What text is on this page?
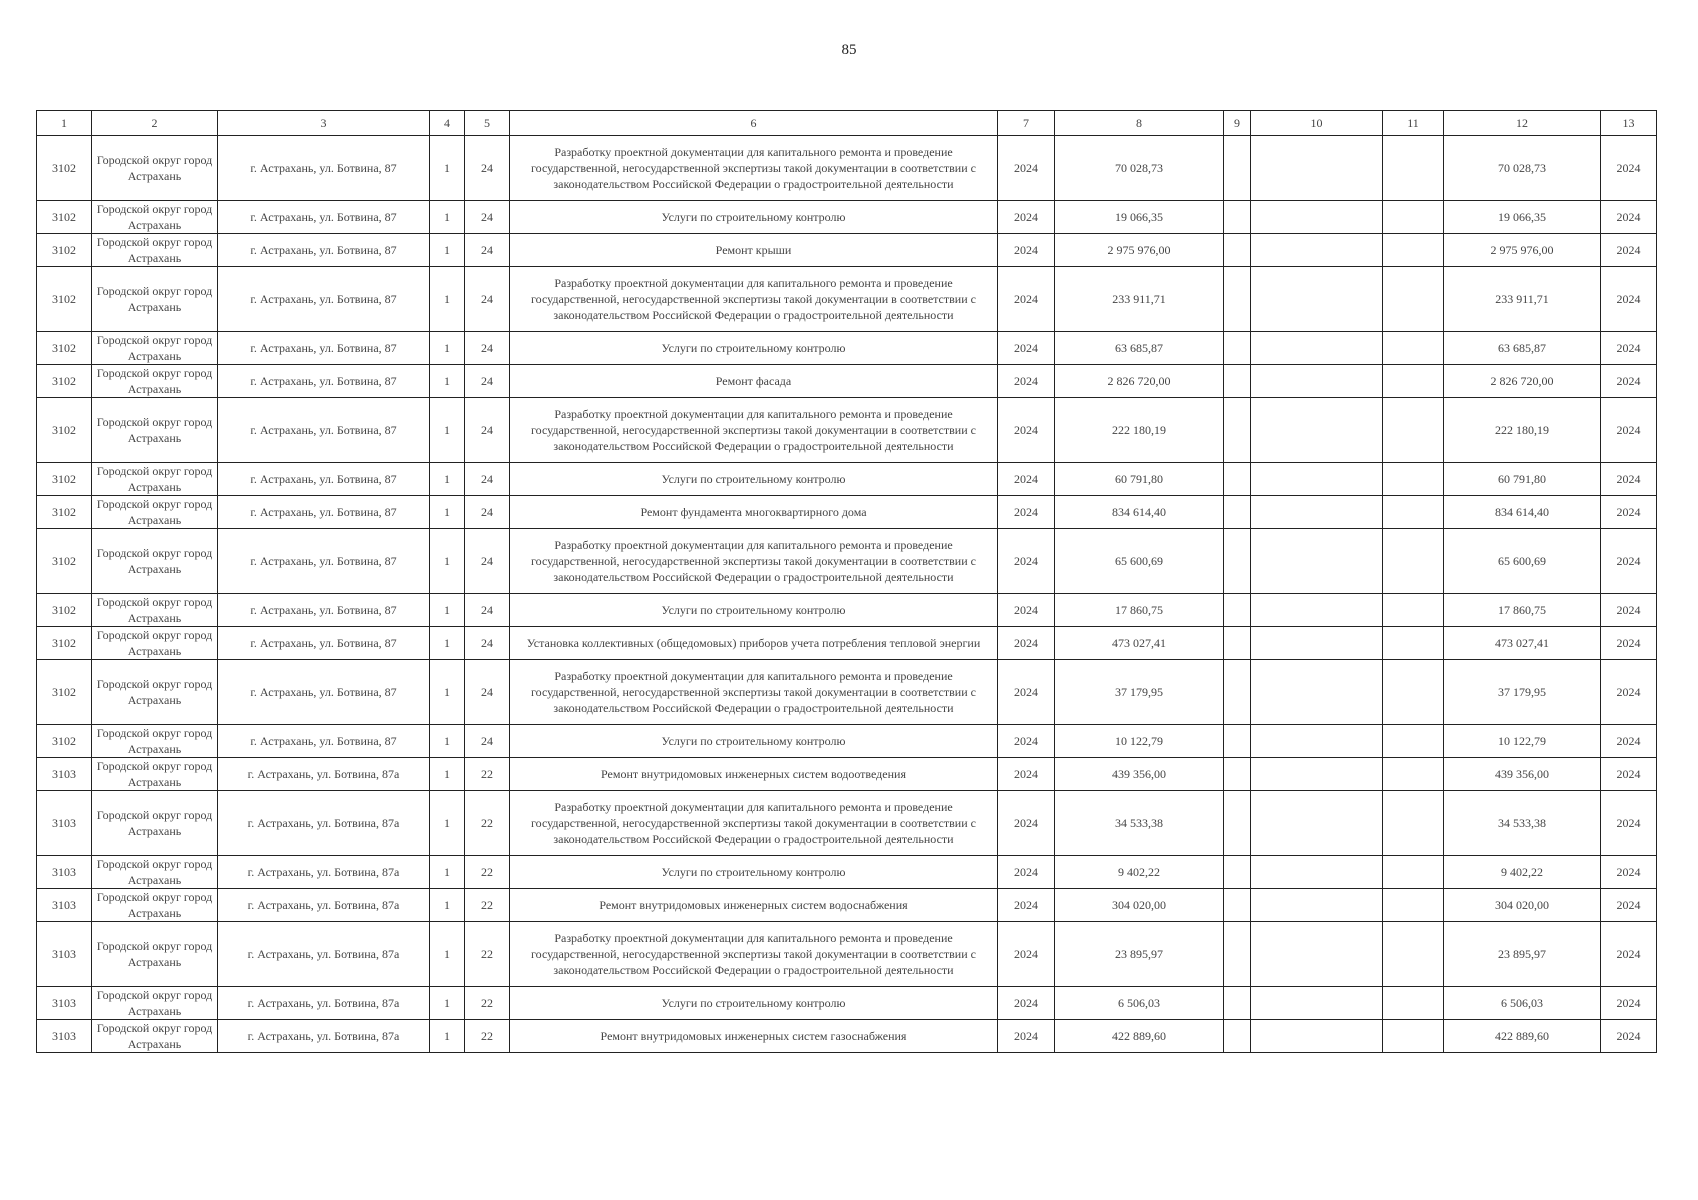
85
1	2	3	4	5	6	7	8	9	10	11	12	13
3102	Городской округ город Астрахань	г. Астрахань, ул. Ботвина, 87	1	24	Разработку проектной документации для капитального ремонта и проведение государственной, негосударственной экспертизы такой документации в соответствии с законодательством Российской Федерации о градостроительной деятельности	2024	70 028,73				70 028,73	2024
3102	Городской округ город Астрахань	г. Астрахань, ул. Ботвина, 87	1	24	Услуги по строительному контролю	2024	19 066,35				19 066,35	2024
3102	Городской округ город Астрахань	г. Астрахань, ул. Ботвина, 87	1	24	Ремонт крыши	2024	2 975 976,00				2 975 976,00	2024
3102	Городской округ город Астрахань	г. Астрахань, ул. Ботвина, 87	1	24	Разработку проектной документации для капитального ремонта и проведение государственной, негосударственной экспертизы такой документации в соответствии с законодательством Российской Федерации о градостроительной деятельности	2024	233 911,71				233 911,71	2024
3102	Городской округ город Астрахань	г. Астрахань, ул. Ботвина, 87	1	24	Услуги по строительному контролю	2024	63 685,87				63 685,87	2024
3102	Городской округ город Астрахань	г. Астрахань, ул. Ботвина, 87	1	24	Ремонт фасада	2024	2 826 720,00				2 826 720,00	2024
3102	Городской округ город Астрахань	г. Астрахань, ул. Ботвина, 87	1	24	Разработку проектной документации для капитального ремонта и проведение государственной, негосударственной экспертизы такой документации в соответствии с законодательством Российской Федерации о градостроительной деятельности	2024	222 180,19				222 180,19	2024
3102	Городской округ город Астрахань	г. Астрахань, ул. Ботвина, 87	1	24	Услуги по строительному контролю	2024	60 791,80				60 791,80	2024
3102	Городской округ город Астрахань	г. Астрахань, ул. Ботвина, 87	1	24	Ремонт фундамента многоквартирного дома	2024	834 614,40				834 614,40	2024
3102	Городской округ город Астрахань	г. Астрахань, ул. Ботвина, 87	1	24	Разработку проектной документации для капитального ремонта и проведение государственной, негосударственной экспертизы такой документации в соответствии с законодательством Российской Федерации о градостроительной деятельности	2024	65 600,69				65 600,69	2024
3102	Городской округ город Астрахань	г. Астрахань, ул. Ботвина, 87	1	24	Услуги по строительному контролю	2024	17 860,75				17 860,75	2024
3102	Городской округ город Астрахань	г. Астрахань, ул. Ботвина, 87	1	24	Установка коллективных (общедомовых) приборов учета потребления тепловой энергии	2024	473 027,41				473 027,41	2024
3102	Городской округ город Астрахань	г. Астрахань, ул. Ботвина, 87	1	24	Разработку проектной документации для капитального ремонта и проведение государственной, негосударственной экспертизы такой документации в соответствии с законодательством Российской Федерации о градостроительной деятельности	2024	37 179,95				37 179,95	2024
3102	Городской округ город Астрахань	г. Астрахань, ул. Ботвина, 87	1	24	Услуги по строительному контролю	2024	10 122,79				10 122,79	2024
3103	Городской округ город Астрахань	г. Астрахань, ул. Ботвина, 87а	1	22	Ремонт внутридомовых инженерных систем водоотведения	2024	439 356,00				439 356,00	2024
3103	Городской округ город Астрахань	г. Астрахань, ул. Ботвина, 87а	1	22	Разработку проектной документации для капитального ремонта и проведение государственной, негосударственной экспертизы такой документации в соответствии с законодательством Российской Федерации о градостроительной деятельности	2024	34 533,38				34 533,38	2024
3103	Городской округ город Астрахань	г. Астрахань, ул. Ботвина, 87а	1	22	Услуги по строительному контролю	2024	9 402,22				9 402,22	2024
3103	Городской округ город Астрахань	г. Астрахань, ул. Ботвина, 87а	1	22	Ремонт внутридомовых инженерных систем водоснабжения	2024	304 020,00				304 020,00	2024
3103	Городской округ город Астрахань	г. Астрахань, ул. Ботвина, 87а	1	22	Разработку проектной документации для капитального ремонта и проведение государственной, негосударственной экспертизы такой документации в соответствии с законодательством Российской Федерации о градостроительной деятельности	2024	23 895,97				23 895,97	2024
3103	Городской округ город Астрахань	г. Астрахань, ул. Ботвина, 87а	1	22	Услуги по строительному контролю	2024	6 506,03				6 506,03	2024
3103	Городской округ город Астрахань	г. Астрахань, ул. Ботвина, 87а	1	22	Ремонт внутридомовых инженерных систем газоснабжения	2024	422 889,60				422 889,60	2024
